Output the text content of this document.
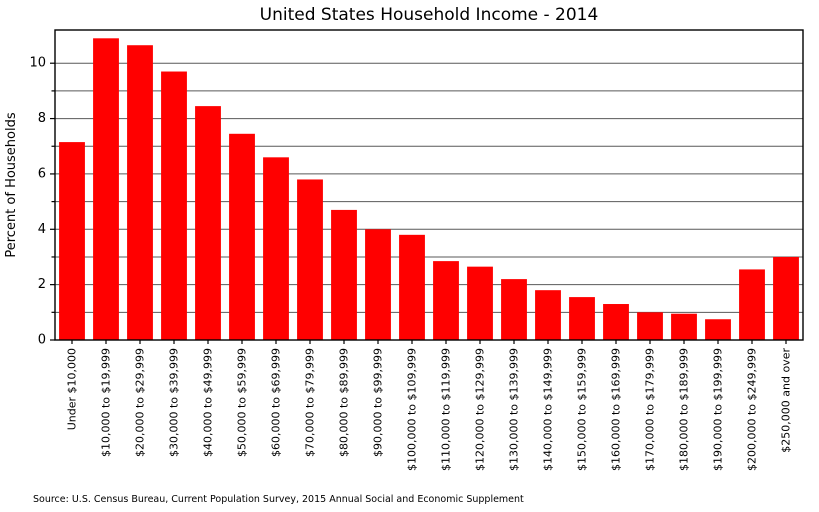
0
2
4
6
8
10
Under $10,000 $10,000 to $19,999 $20,000 to $29,999 $30,000 to $39,999 $40,000 to $49,999 $50,000 to $59,999 $60,000 to $69,999 $70,000 to $79,999 $80,000 to $89,999 $90,000 to $99,999 $100,000 to $109,999 $110,000 to $119,999 $120,000 to $129,999 $130,000 to $139,999 $140,000 to $149,999 $150,000 to $159,999 $160,000 to $169,999 $170,000 to $179,999 $180,000 to $189,999 $190,000 to $199,999 $200,000 to $249,999 $250,000 and over
United States Household Income - 2014
Percent of Households
Source: U.S. Census Bureau, Current Population Survey, 2015 Annual Social and Economic Supplement
